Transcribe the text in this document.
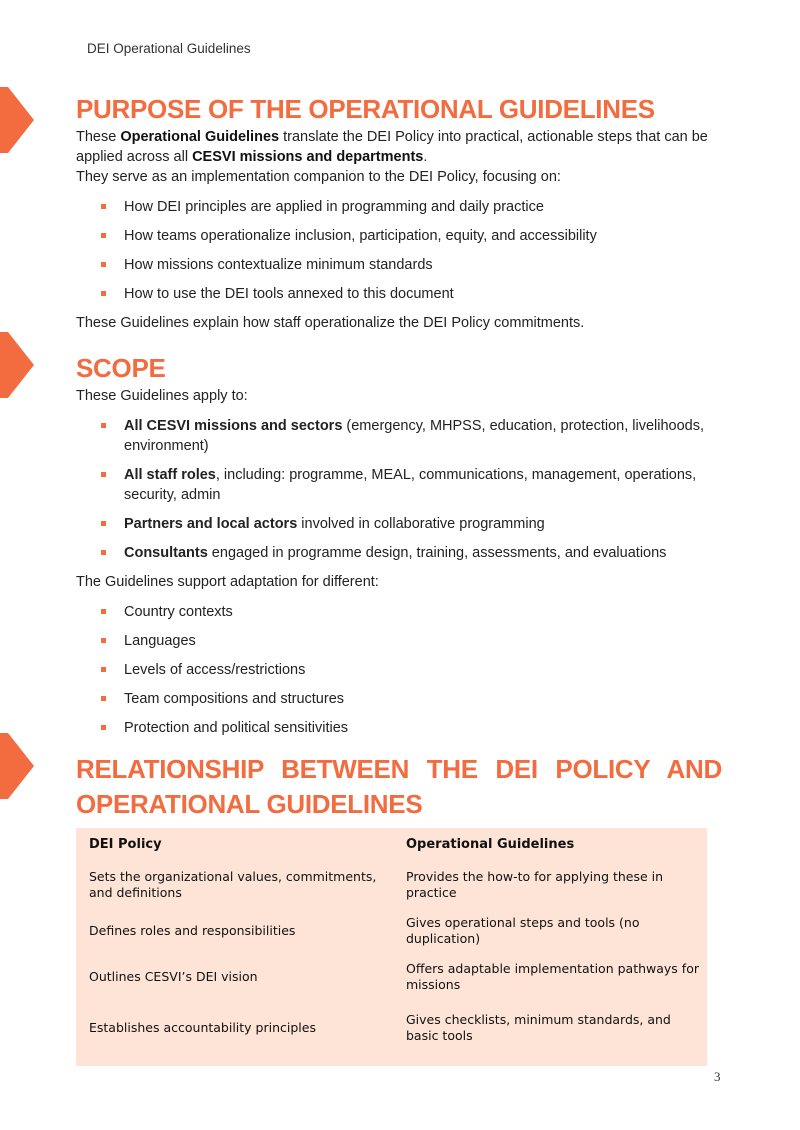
DEI Operational Guidelines
PURPOSE OF THE OPERATIONAL GUIDELINES

These Operational Guidelines translate the DEI Policy into practical, actionable steps that can be applied across all CESVI missions and departments.

They serve as an implementation companion to the DEI Policy, focusing on:

How DEI principles are applied in programming and daily practice
How teams operationalize inclusion, participation, equity, and accessibility
How missions contextualize minimum standards
How to use the DEI tools annexed to this document

These Guidelines explain how staff operationalize the DEI Policy commitments.

SCOPE

These Guidelines apply to:

All CESVI missions and sectors (emergency, MHPSS, education, protection, livelihoods, environment)
All staff roles, including: programme, MEAL, communications, management, operations, security, admin
Partners and local actors involved in collaborative programming
Consultants engaged in programme design, training, assessments, and evaluations

The Guidelines support adaptation for different:

Country contexts
Languages
Levels of access/restrictions
Team compositions and structures
Protection and political sensitivities
RELATIONSHIP BETWEEN THE DEI POLICY AND OPERATIONAL GUIDELINES
DEI Policy	Operational Guidelines
Sets the organizational values, commitments, and definitions	Provides the how-to for applying these in practice
Defines roles and responsibilities	Gives operational steps and tools (no duplication)
Outlines CESVI’s DEI vision	Offers adaptable implementation pathways for missions
Establishes accountability principles	Gives checklists, minimum standards, and basic tools
3
